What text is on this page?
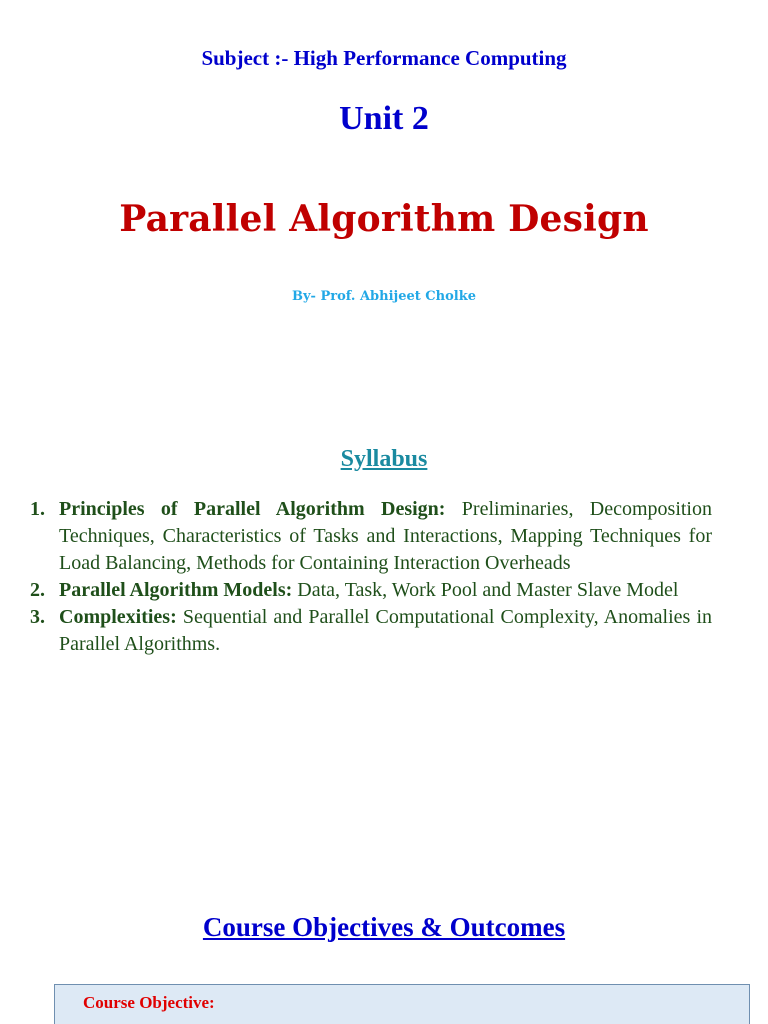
Subject :- High Performance Computing
Unit 2
Parallel Algorithm Design
By- Prof. Abhijeet Cholke
Syllabus
1. Principles of Parallel Algorithm Design: Preliminaries, Decomposition Techniques, Characteristics of Tasks and Interactions, Mapping Techniques for Load Balancing, Methods for Containing Interaction Overheads
2. Parallel Algorithm Models: Data, Task, Work Pool and Master Slave Model
3. Complexities: Sequential and Parallel Computational Complexity, Anomalies in Parallel Algorithms.
Course Objectives & Outcomes
Course Objective:
